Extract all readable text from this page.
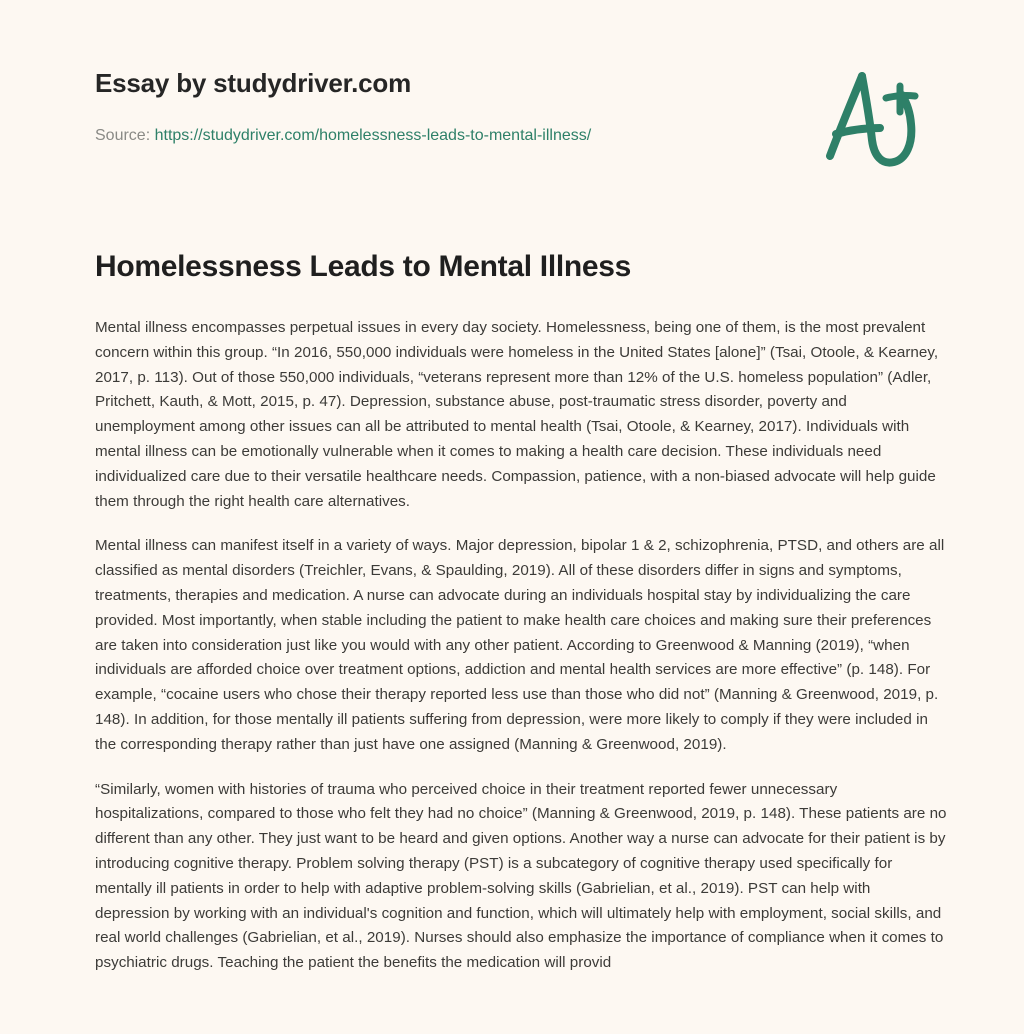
Essay by studydriver.com
Source: https://studydriver.com/homelessness-leads-to-mental-illness/
Homelessness Leads to Mental Illness

Mental illness encompasses perpetual issues in every day society. Homelessness, being one of them, is the most prevalent concern within this group. “In 2016, 550,000 individuals were homeless in the United States [alone]” (Tsai, Otoole, & Kearney, 2017, p. 113). Out of those 550,000 individuals, “veterans represent more than 12% of the U.S. homeless population” (Adler, Pritchett, Kauth, & Mott, 2015, p. 47). Depression, substance abuse, post-traumatic stress disorder, poverty and unemployment among other issues can all be attributed to mental health (Tsai, Otoole, & Kearney, 2017). Individuals with mental illness can be emotionally vulnerable when it comes to making a health care decision. These individuals need individualized care due to their versatile healthcare needs. Compassion, patience, with a non-biased advocate will help guide them through the right health care alternatives.

Mental illness can manifest itself in a variety of ways. Major depression, bipolar 1 & 2, schizophrenia, PTSD, and others are all classified as mental disorders (Treichler, Evans, & Spaulding, 2019). All of these disorders differ in signs and symptoms, treatments, therapies and medication. A nurse can advocate during an individuals hospital stay by individualizing the care provided. Most importantly, when stable including the patient to make health care choices and making sure their preferences are taken into consideration just like you would with any other patient. According to Greenwood & Manning (2019), “when individuals are afforded choice over treatment options, addiction and mental health services are more effective” (p. 148). For example, “cocaine users who chose their therapy reported less use than those who did not” (Manning & Greenwood, 2019, p. 148). In addition, for those mentally ill patients suffering from depression, were more likely to comply if they were included in the corresponding therapy rather than just have one assigned (Manning & Greenwood, 2019).

“Similarly, women with histories of trauma who perceived choice in their treatment reported fewer unnecessary hospitalizations, compared to those who felt they had no choice” (Manning & Greenwood, 2019, p. 148). These patients are no different than any other. They just want to be heard and given options. Another way a nurse can advocate for their patient is by introducing cognitive therapy. Problem solving therapy (PST) is a subcategory of cognitive therapy used specifically for mentally ill patients in order to help with adaptive problem-solving skills (Gabrielian, et al., 2019). PST can help with depression by working with an individual's cognition and function, which will ultimately help with employment, social skills, and real world challenges (Gabrielian, et al., 2019). Nurses should also emphasize the importance of compliance when it comes to psychiatric drugs. Teaching the patient the benefits the medication will provid
